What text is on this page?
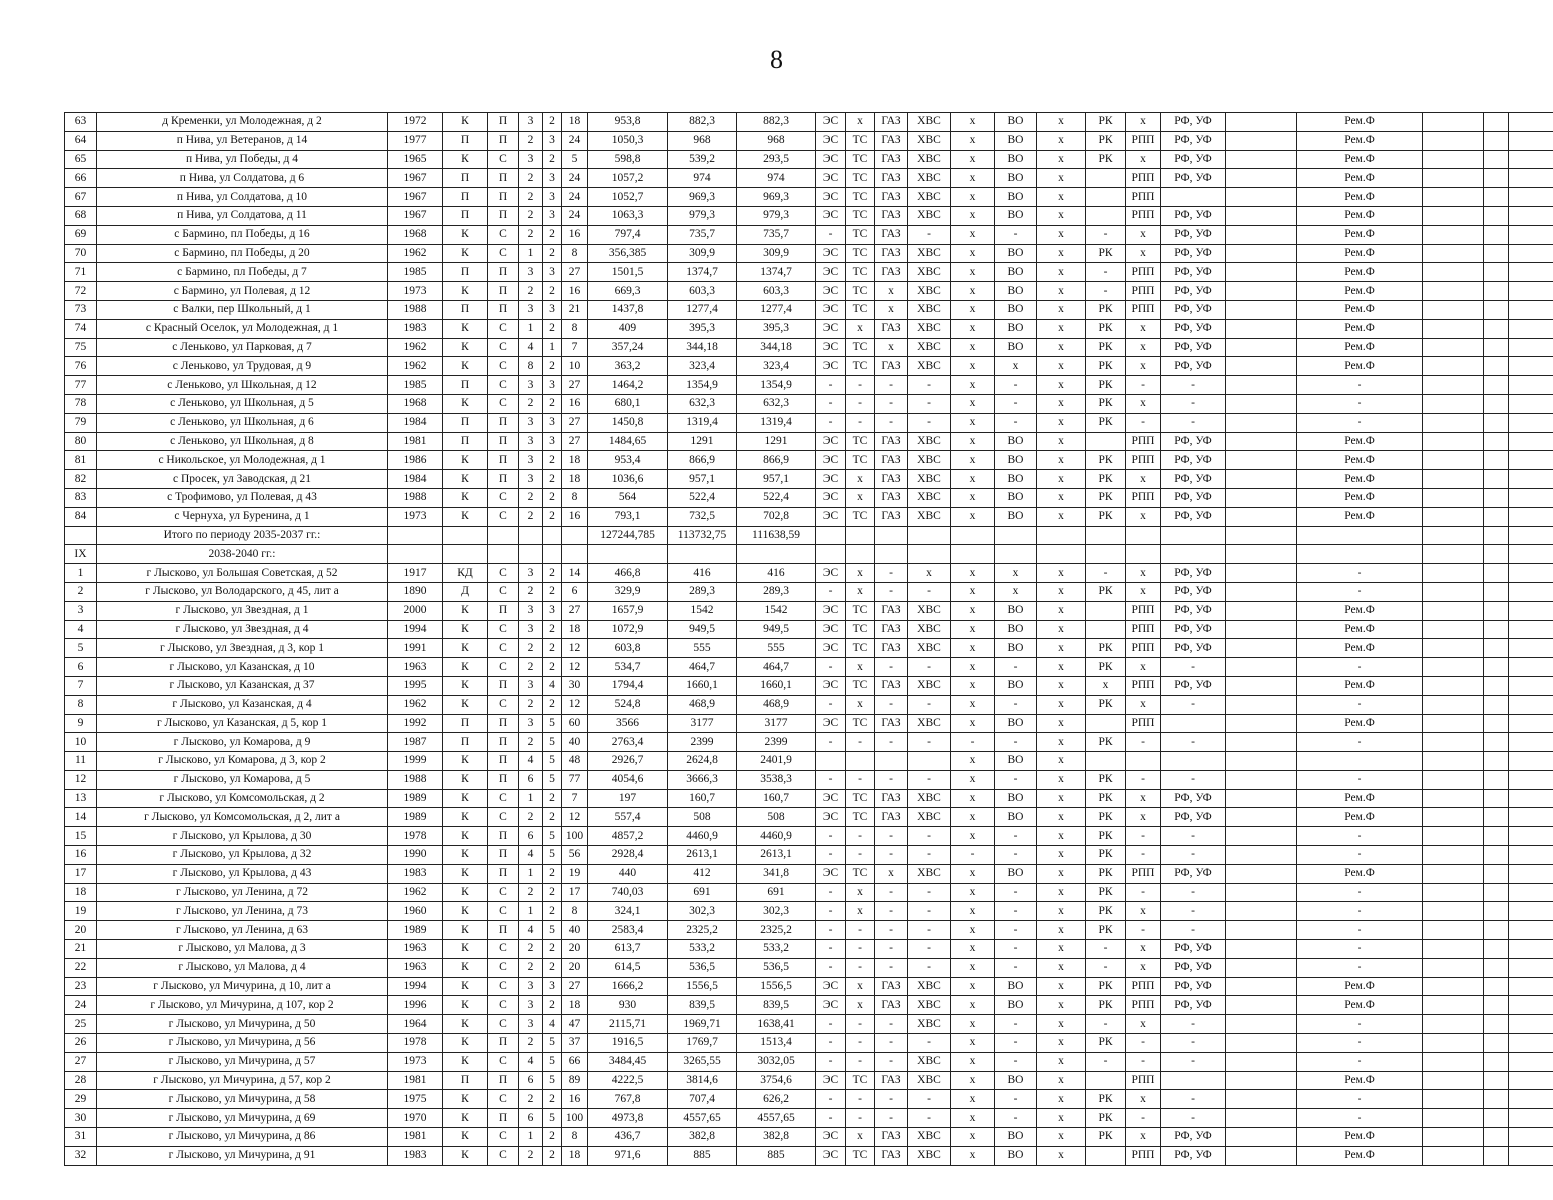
8
63	д Кременки, ул Молодежная, д 2	1972	К	П	3	2	18	953,8	882,3	882,3	ЭС	х	ГАЗ	ХВС	х	ВО	х	РК	х	РФ, УФ		Рем.Ф			
64	п Нива, ул Ветеранов, д 14	1977	П	П	2	3	24	1050,3	968	968	ЭС	ТС	ГАЗ	ХВС	х	ВО	х	РК	РПП	РФ, УФ		Рем.Ф			
65	п Нива, ул Победы, д 4	1965	К	С	3	2	5	598,8	539,2	293,5	ЭС	ТС	ГАЗ	ХВС	х	ВО	х	РК	х	РФ, УФ		Рем.Ф			
66	п Нива, ул Солдатова, д 6	1967	П	П	2	3	24	1057,2	974	974	ЭС	ТС	ГАЗ	ХВС	х	ВО	х		РПП	РФ, УФ		Рем.Ф			
67	п Нива, ул Солдатова, д 10	1967	П	П	2	3	24	1052,7	969,3	969,3	ЭС	ТС	ГАЗ	ХВС	х	ВО	х		РПП			Рем.Ф			
68	п Нива, ул Солдатова, д 11	1967	П	П	2	3	24	1063,3	979,3	979,3	ЭС	ТС	ГАЗ	ХВС	х	ВО	х		РПП	РФ, УФ		Рем.Ф			
69	с Бармино, пл Победы, д 16	1968	К	С	2	2	16	797,4	735,7	735,7	-	ТС	ГАЗ	-	х	-	х	-	х	РФ, УФ		Рем.Ф			
70	с Бармино, пл Победы, д 20	1962	К	С	1	2	8	356,385	309,9	309,9	ЭС	ТС	ГАЗ	ХВС	х	ВО	х	РК	х	РФ, УФ		Рем.Ф			
71	с Бармино, пл Победы, д 7	1985	П	П	3	3	27	1501,5	1374,7	1374,7	ЭС	ТС	ГАЗ	ХВС	х	ВО	х	-	РПП	РФ, УФ		Рем.Ф			
72	с Бармино, ул Полевая, д 12	1973	К	П	2	2	16	669,3	603,3	603,3	ЭС	ТС	х	ХВС	х	ВО	х	-	РПП	РФ, УФ		Рем.Ф			
73	с Валки, пер Школьный, д 1	1988	П	П	3	3	21	1437,8	1277,4	1277,4	ЭС	ТС	х	ХВС	х	ВО	х	РК	РПП	РФ, УФ		Рем.Ф			
74	с Красный Оселок, ул Молодежная, д 1	1983	К	С	1	2	8	409	395,3	395,3	ЭС	х	ГАЗ	ХВС	х	ВО	х	РК	х	РФ, УФ		Рем.Ф			
75	с Леньково, ул Парковая, д 7	1962	К	С	4	1	7	357,24	344,18	344,18	ЭС	ТС	х	ХВС	х	ВО	х	РК	х	РФ, УФ		Рем.Ф			
76	с Леньково, ул Трудовая, д 9	1962	К	С	8	2	10	363,2	323,4	323,4	ЭС	ТС	ГАЗ	ХВС	х	х	х	РК	х	РФ, УФ		Рем.Ф			
77	с Леньково, ул Школьная, д 12	1985	П	С	3	3	27	1464,2	1354,9	1354,9	-	-	-	-	х	-	х	РК	-	-		-			
78	с Леньково, ул Школьная, д 5	1968	К	С	2	2	16	680,1	632,3	632,3	-	-	-	-	х	-	х	РК	х	-		-			
79	с Леньково, ул Школьная, д 6	1984	П	П	3	3	27	1450,8	1319,4	1319,4	-	-	-	-	х	-	х	РК	-	-		-			
80	с Леньково, ул Школьная, д 8	1981	П	П	3	3	27	1484,65	1291	1291	ЭС	ТС	ГАЗ	ХВС	х	ВО	х		РПП	РФ, УФ		Рем.Ф			
81	с Никольское, ул Молодежная, д 1	1986	К	П	3	2	18	953,4	866,9	866,9	ЭС	ТС	ГАЗ	ХВС	х	ВО	х	РК	РПП	РФ, УФ		Рем.Ф			
82	с Просек, ул Заводская, д 21	1984	К	П	3	2	18	1036,6	957,1	957,1	ЭС	х	ГАЗ	ХВС	х	ВО	х	РК	х	РФ, УФ		Рем.Ф			
83	с Трофимово, ул Полевая, д 43	1988	К	С	2	2	8	564	522,4	522,4	ЭС	х	ГАЗ	ХВС	х	ВО	х	РК	РПП	РФ, УФ		Рем.Ф			
84	с Чернуха, ул Буренина, д 1	1973	К	С	2	2	16	793,1	732,5	702,8	ЭС	ТС	ГАЗ	ХВС	х	ВО	х	РК	х	РФ, УФ		Рем.Ф			
	Итого по периоду 2035-2037 гг.:							127244,785	113732,75	111638,59															
IX	2038-2040 гг.:																								
1	г Лысково, ул Большая Советская, д 52	1917	КД	С	3	2	14	466,8	416	416	ЭС	х	-	х	х	х	х	-	х	РФ, УФ		-			
2	г Лысково, ул Володарского, д 45, лит а	1890	Д	С	2	2	6	329,9	289,3	289,3	-	х	-	-	х	х	х	РК	х	РФ, УФ		-			
3	г Лысково, ул Звездная, д 1	2000	К	П	3	3	27	1657,9	1542	1542	ЭС	ТС	ГАЗ	ХВС	х	ВО	х		РПП	РФ, УФ		Рем.Ф			
4	г Лысково, ул Звездная, д 4	1994	К	С	3	2	18	1072,9	949,5	949,5	ЭС	ТС	ГАЗ	ХВС	х	ВО	х		РПП	РФ, УФ		Рем.Ф			
5	г Лысково, ул Звездная, д 3, кор 1	1991	К	С	2	2	12	603,8	555	555	ЭС	ТС	ГАЗ	ХВС	х	ВО	х	РК	РПП	РФ, УФ		Рем.Ф			
6	г Лысково, ул Казанская, д 10	1963	К	С	2	2	12	534,7	464,7	464,7	-	х	-	-	х	-	х	РК	х	-		-			
7	г Лысково, ул Казанская, д 37	1995	К	П	3	4	30	1794,4	1660,1	1660,1	ЭС	ТС	ГАЗ	ХВС	х	ВО	х	х	РПП	РФ, УФ		Рем.Ф			
8	г Лысково, ул Казанская, д 4	1962	К	С	2	2	12	524,8	468,9	468,9	-	х	-	-	х	-	х	РК	х	-		-			
9	г Лысково, ул Казанская, д 5, кор 1	1992	П	П	3	5	60	3566	3177	3177	ЭС	ТС	ГАЗ	ХВС	х	ВО	х		РПП			Рем.Ф			
10	г Лысково, ул Комарова, д 9	1987	П	П	2	5	40	2763,4	2399	2399	-	-	-	-	-	-	х	РК	-	-		-			
11	г Лысково, ул Комарова, д 3, кор 2	1999	К	П	4	5	48	2926,7	2624,8	2401,9					х	ВО	х								
12	г Лысково, ул Комарова, д 5	1988	К	П	6	5	77	4054,6	3666,3	3538,3	-	-	-	-	х	-	х	РК	-	-		-			
13	г Лысково, ул Комсомольская, д 2	1989	К	С	1	2	7	197	160,7	160,7	ЭС	ТС	ГАЗ	ХВС	х	ВО	х	РК	х	РФ, УФ		Рем.Ф			
14	г Лысково, ул Комсомольская, д 2, лит а	1989	К	С	2	2	12	557,4	508	508	ЭС	ТС	ГАЗ	ХВС	х	ВО	х	РК	х	РФ, УФ		Рем.Ф			
15	г Лысково, ул Крылова, д 30	1978	К	П	6	5	100	4857,2	4460,9	4460,9	-	-	-	-	х	-	х	РК	-	-		-			
16	г Лысково, ул Крылова, д 32	1990	К	П	4	5	56	2928,4	2613,1	2613,1	-	-	-	-	-	-	х	РК	-	-		-			
17	г Лысково, ул Крылова, д 43	1983	К	П	1	2	19	440	412	341,8	ЭС	ТС	х	ХВС	х	ВО	х	РК	РПП	РФ, УФ		Рем.Ф			
18	г Лысково, ул Ленина, д 72	1962	К	С	2	2	17	740,03	691	691	-	х	-	-	х	-	х	РК	-	-		-			
19	г Лысково, ул Ленина, д 73	1960	К	С	1	2	8	324,1	302,3	302,3	-	х	-	-	х	-	х	РК	х	-		-			
20	г Лысково, ул Ленина, д 63	1989	К	П	4	5	40	2583,4	2325,2	2325,2	-	-	-	-	х	-	х	РК	-	-		-			
21	г Лысково, ул Малова, д 3	1963	К	С	2	2	20	613,7	533,2	533,2	-	-	-	-	х	-	х	-	х	РФ, УФ		-			
22	г Лысково, ул Малова, д 4	1963	К	С	2	2	20	614,5	536,5	536,5	-	-	-	-	х	-	х	-	х	РФ, УФ		-			
23	г Лысково, ул Мичурина, д 10, лит а	1994	К	С	3	3	27	1666,2	1556,5	1556,5	ЭС	х	ГАЗ	ХВС	х	ВО	х	РК	РПП	РФ, УФ		Рем.Ф			
24	г Лысково, ул Мичурина, д 107, кор 2	1996	К	С	3	2	18	930	839,5	839,5	ЭС	х	ГАЗ	ХВС	х	ВО	х	РК	РПП	РФ, УФ		Рем.Ф			
25	г Лысково, ул Мичурина, д 50	1964	К	С	3	4	47	2115,71	1969,71	1638,41	-	-	-	ХВС	х	-	х	-	х	-		-			
26	г Лысково, ул Мичурина, д 56	1978	К	П	2	5	37	1916,5	1769,7	1513,4	-	-	-	-	х	-	х	РК	-	-		-			
27	г Лысково, ул Мичурина, д 57	1973	К	С	4	5	66	3484,45	3265,55	3032,05	-	-	-	ХВС	х	-	х	-	-	-		-			
28	г Лысково, ул Мичурина, д 57, кор 2	1981	П	П	6	5	89	4222,5	3814,6	3754,6	ЭС	ТС	ГАЗ	ХВС	х	ВО	х		РПП			Рем.Ф			
29	г Лысково, ул Мичурина, д 58	1975	К	С	2	2	16	767,8	707,4	626,2	-	-	-	-	х	-	х	РК	х	-		-			
30	г Лысково, ул Мичурина, д 69	1970	К	П	6	5	100	4973,8	4557,65	4557,65	-	-	-	-	х	-	х	РК	-	-		-			
31	г Лысково, ул Мичурина, д 86	1981	К	С	1	2	8	436,7	382,8	382,8	ЭС	х	ГАЗ	ХВС	х	ВО	х	РК	х	РФ, УФ		Рем.Ф			
32	г Лысково, ул Мичурина, д 91	1983	К	С	2	2	18	971,6	885	885	ЭС	ТС	ГАЗ	ХВС	х	ВО	х		РПП	РФ, УФ		Рем.Ф			
